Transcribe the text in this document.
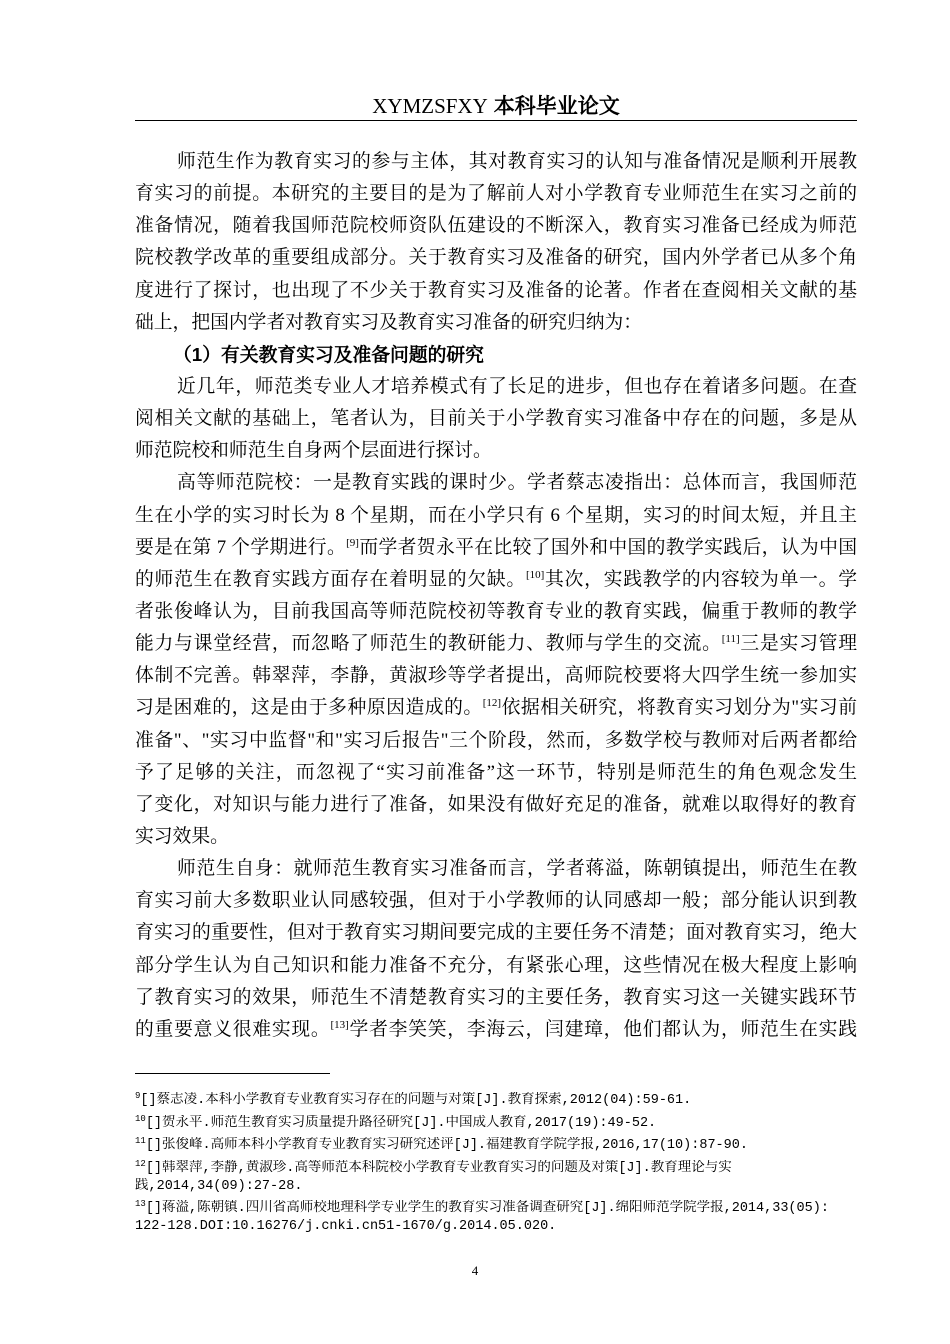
XYMZSFXY 本科毕业论文
师范生作为教育实习的参与主体，其对教育实习的认知与准备情况是顺利开展教
育实习的前提。本研究的主要目的是为了解前人对小学教育专业师范生在实习之前的
准备情况，随着我国师范院校师资队伍建设的不断深入，教育实习准备已经成为师范
院校教学改革的重要组成部分。关于教育实习及准备的研究，国内外学者已从多个角
度进行了探讨，也出现了不少关于教育实习及准备的论著。作者在查阅相关文献的基
础上，把国内学者对教育实习及教育实习准备的研究归纳为：
（1）有关教育实习及准备问题的研究
近几年，师范类专业人才培养模式有了长足的进步，但也存在着诸多问题。在查
阅相关文献的基础上，笔者认为，目前关于小学教育实习准备中存在的问题，多是从
师范院校和师范生自身两个层面进行探讨。
高等师范院校：一是教育实践的课时少。学者蔡志凌指出：总体而言，我国师范
生在小学的实习时长为 8 个星期，而在小学只有 6 个星期，实习的时间太短，并且主
要是在第 7 个学期进行。[9]而学者贺永平在比较了国外和中国的教学实践后，认为中国
的师范生在教育实践方面存在着明显的欠缺。[10]其次，实践教学的内容较为单一。学
者张俊峰认为，目前我国高等师范院校初等教育专业的教育实践，偏重于教师的教学
能力与课堂经营，而忽略了师范生的教研能力、教师与学生的交流。[11]三是实习管理
体制不完善。韩翠萍，李静，黄淑珍等学者提出，高师院校要将大四学生统一参加实
习是困难的，这是由于多种原因造成的。[12]依据相关研究，将教育实习划分为"实习前
准备"、"实习中监督"和"实习后报告"三个阶段，然而，多数学校与教师对后两者都给
予了足够的关注，而忽视了“实习前准备”这一环节，特别是师范生的角色观念发生
了变化，对知识与能力进行了准备，如果没有做好充足的准备，就难以取得好的教育
实习效果。
师范生自身：就师范生教育实习准备而言，学者蒋溢，陈朝镇提出，师范生在教
育实习前大多数职业认同感较强，但对于小学教师的认同感却一般；部分能认识到教
育实习的重要性，但对于教育实习期间要完成的主要任务不清楚；面对教育实习，绝大
部分学生认为自己知识和能力准备不充分，有紧张心理，这些情况在极大程度上影响
了教育实习的效果，师范生不清楚教育实习的主要任务，教育实习这一关键实践环节
的重要意义很难实现。[13]学者李笑笑，李海云，闫建璋，他们都认为，师范生在实践
$^9$[]蔡志凌.本科小学教育专业教育实习存在的问题与对策[J].教育探索,2012(04):59-61.
$^{10}$[]贺永平.师范生教育实习质量提升路径研究[J].中国成人教育,2017(19):49-52.
$^{11}$[]张俊峰.高师本科小学教育专业教育实习研究述评[J].福建教育学院学报,2016,17(10):87-90.
$^{12}$[]韩翠萍,李静,黄淑珍.高等师范本科院校小学教育专业教育实习的问题及对策[J].教育理论与实
践,2014,34(09):27-28.
$^{13}$[]蒋溢,陈朝镇.四川省高师校地理科学专业学生的教育实习准备调查研究[J].绵阳师范学院学报,2014,33(05):
122-128.DOI:10.16276/j.cnki.cn51-1670/g.2014.05.020.
4
